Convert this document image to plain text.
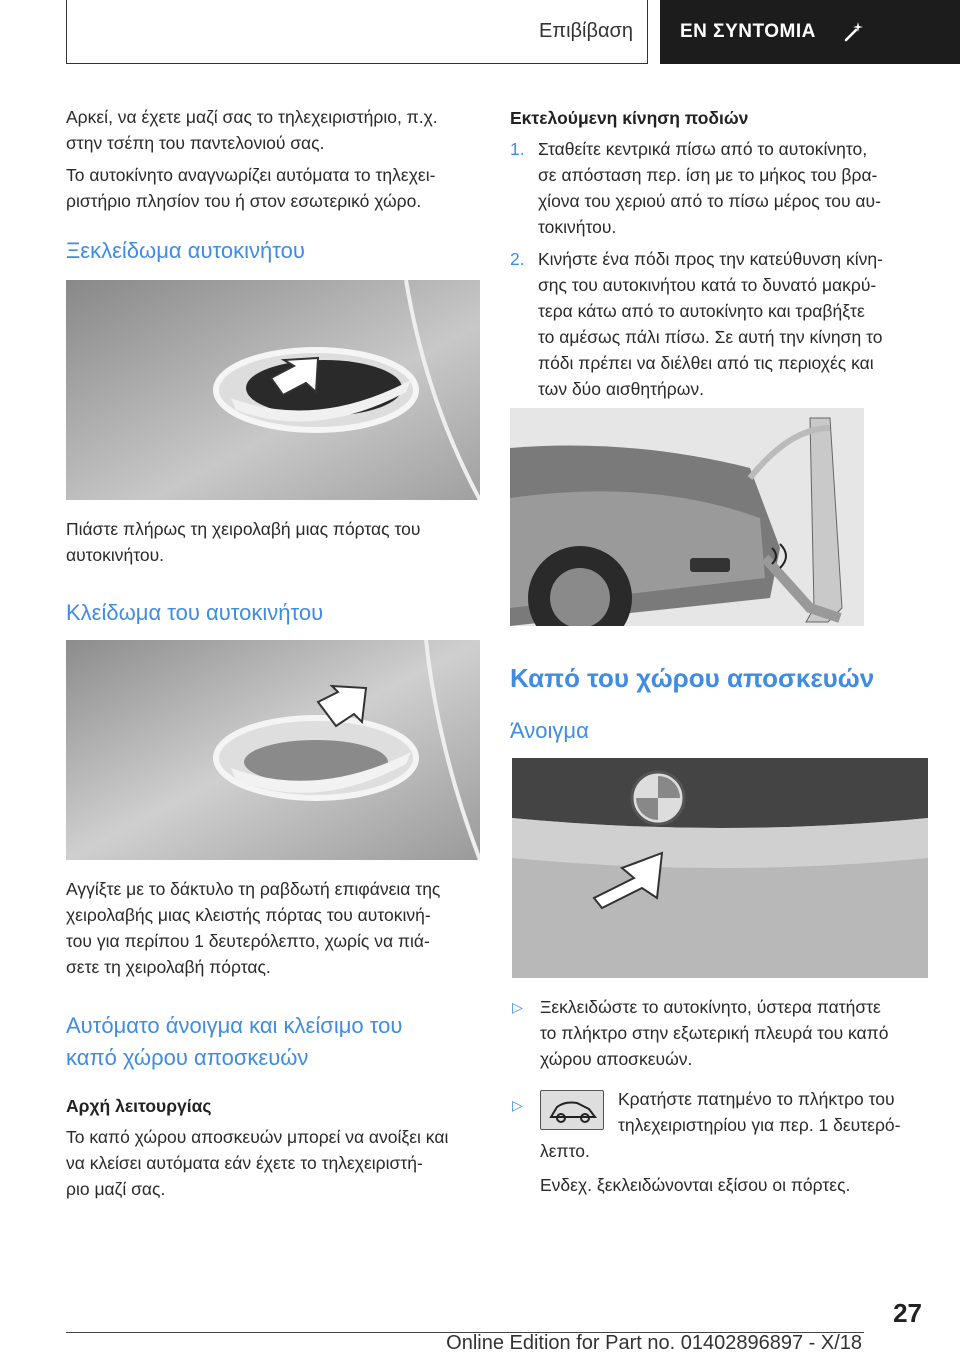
Επιβίβαση ΕΝ ΣΥΝΤΟΜΙΑ

Αρκεί, να έχετε μαζί σας το τηλεχειριστήριο, π.χ.
στην τσέπη του παντελονιού σας.

Το αυτοκίνητο αναγνωρίζει αυτόματα το τηλεχει-
ριστήριο πλησίον του ή στον εσωτερικό χώρο.

Ξεκλείδωμα αυτοκινήτου

Πιάστε πλήρως τη χειρολαβή μιας πόρτας του
αυτοκινήτου.

Κλείδωμα του αυτοκινήτου

Αγγίξτε με το δάκτυλο τη ραβδωτή επιφάνεια της
χειρολαβής μιας κλειστής πόρτας του αυτοκινή-
του για περίπου 1 δευτερόλεπτο, χωρίς να πιά-
σετε τη χειρολαβή πόρτας.

Αυτόματο άνοιγμα και κλείσιμο του
καπό χώρου αποσκευών
Αρχή λειτουργίας

Το καπό χώρου αποσκευών μπορεί να ανοίξει και
να κλείσει αυτόματα εάν έχετε το τηλεχειριστή-
ριο μαζί σας.

Εκτελούμενη κίνηση ποδιών
1. Σταθείτε κεντρικά πίσω από το αυτοκίνητο,
σε απόσταση περ. ίση με το μήκος του βρα-
χίονα του χεριού από το πίσω μέρος του αυ-
τοκινήτου.
2. Κινήστε ένα πόδι προς την κατεύθυνση κίνη-
σης του αυτοκινήτου κατά το δυνατό μακρύ-
τερα κάτω από το αυτοκίνητο και τραβήξτε
το αμέσως πάλι πίσω. Σε αυτή την κίνηση το
πόδι πρέπει να διέλθει από τις περιοχές και
των δύο αισθητήρων.
Καπό του χώρου αποσκευών
Άνοιγμα
▷ Ξεκλειδώστε το αυτοκίνητο, ύστερα πατήστε
το πλήκτρο στην εξωτερική πλευρά του καπό
χώρου αποσκευών.
▷	Κρατήστε πατημένο το πλήκτρο του
τηλεχειριστηρίου για περ. 1 δευτερό-
λεπτο.
Ενδεχ. ξεκλειδώνονται εξίσου οι πόρτες.
27
Online Edition for Part no. 01402896897 - X/18
